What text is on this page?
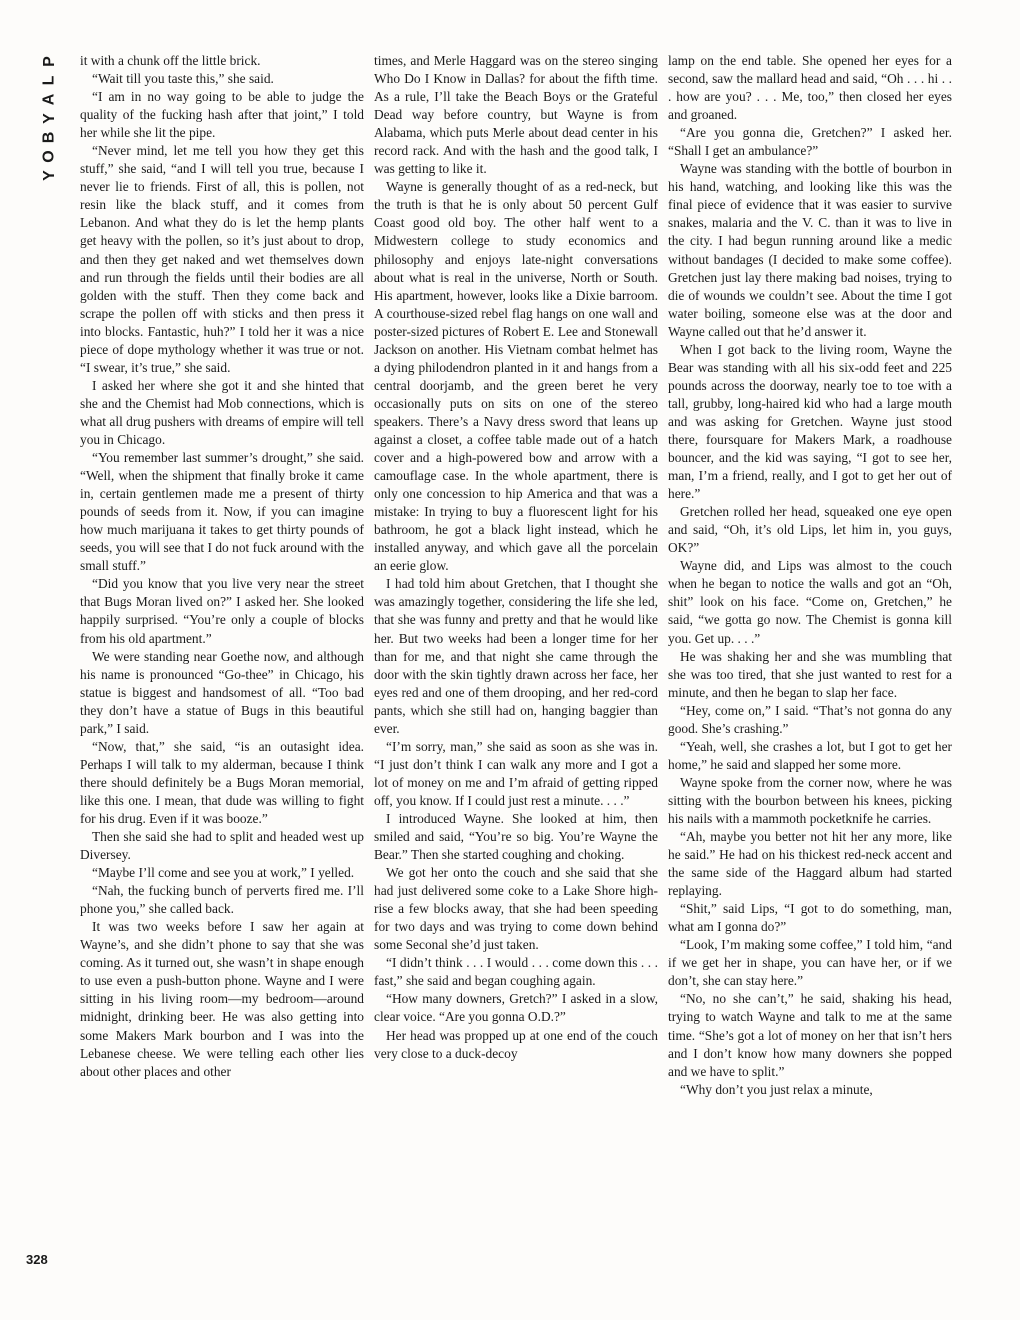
P
L
A
Y
B
O
Y
328

it with a chunk off the little brick.

“Wait till you taste this,” she said.

“I am in no way going to be able to judge the quality of the fucking hash after that joint,” I told her while she lit the pipe.

“Never mind, let me tell you how they get this stuff,” she said, “and I will tell you true, because I never lie to friends. First of all, this is pollen, not resin like the black stuff, and it comes from Lebanon. And what they do is let the hemp plants get heavy with the pollen, so it’s just about to drop, and then they get naked and wet themselves down and run through the fields until their bodies are all golden with the stuff. Then they come back and scrape the pollen off with sticks and then press it into blocks. Fantastic, huh?” I told her it was a nice piece of dope mythology whether it was true or not. “I swear, it’s true,” she said.

I asked her where she got it and she hinted that she and the Chemist had Mob connections, which is what all drug pushers with dreams of empire will tell you in Chicago.

“You remember last summer’s drought,” she said. “Well, when the shipment that finally broke it came in, certain gentlemen made me a present of thirty pounds of seeds from it. Now, if you can imagine how much marijuana it takes to get thirty pounds of seeds, you will see that I do not fuck around with the small stuff.”

“Did you know that you live very near the street that Bugs Moran lived on?” I asked her. She looked happily surprised. “You’re only a couple of blocks from his old apartment.”

We were standing near Goethe now, and although his name is pronounced “Go-thee” in Chicago, his statue is biggest and handsomest of all. “Too bad they don’t have a statue of Bugs in this beautiful park,” I said.

“Now, that,” she said, “is an outasight idea. Perhaps I will talk to my alderman, because I think there should definitely be a Bugs Moran memorial, like this one. I mean, that dude was willing to fight for his drug. Even if it was booze.”

Then she said she had to split and headed west up Diversey.

“Maybe I’ll come and see you at work,” I yelled.

“Nah, the fucking bunch of perverts fired me. I’ll phone you,” she called back.

It was two weeks before I saw her again at Wayne’s, and she didn’t phone to say that she was coming. As it turned out, she wasn’t in shape enough to use even a push-button phone. Wayne and I were sitting in his living room—my bedroom—around midnight, drinking beer. He was also getting into some Makers Mark bourbon and I was into the Lebanese cheese. We were telling each other lies about other places and other

times, and Merle Haggard was on the stereo singing Who Do I Know in Dallas? for about the fifth time. As a rule, I’ll take the Beach Boys or the Grateful Dead way before country, but Wayne is from Alabama, which puts Merle about dead center in his record rack. And with the hash and the good talk, I was getting to like it.

Wayne is generally thought of as a red-neck, but the truth is that he is only about 50 percent Gulf Coast good old boy. The other half went to a Midwestern college to study economics and philosophy and enjoys late-night conversations about what is real in the universe, North or South. His apartment, however, looks like a Dixie barroom. A courthouse-sized rebel flag hangs on one wall and poster-sized pictures of Robert E. Lee and Stonewall Jackson on another. His Vietnam combat helmet has a dying philodendron planted in it and hangs from a central doorjamb, and the green beret he very occasionally puts on sits on one of the stereo speakers. There’s a Navy dress sword that leans up against a closet, a coffee table made out of a hatch cover and a high-powered bow and arrow with a camouflage case. In the whole apartment, there is only one concession to hip America and that was a mistake: In trying to buy a fluorescent light for his bathroom, he got a black light instead, which he installed anyway, and which gave all the porcelain an eerie glow.

I had told him about Gretchen, that I thought she was amazingly together, considering the life she led, that she was funny and pretty and that he would like her. But two weeks had been a longer time for her than for me, and that night she came through the door with the skin tightly drawn across her face, her eyes red and one of them drooping, and her red-cord pants, which she still had on, hanging baggier than ever.

“I’m sorry, man,” she said as soon as she was in. “I just don’t think I can walk any more and I got a lot of money on me and I’m afraid of getting ripped off, you know. If I could just rest a minute. . . .”

I introduced Wayne. She looked at him, then smiled and said, “You’re so big. You’re Wayne the Bear.” Then she started coughing and choking.

We got her onto the couch and she said that she had just delivered some coke to a Lake Shore high-rise a few blocks away, that she had been speeding for two days and was trying to come down behind some Seconal she’d just taken.

“I didn’t think . . . I would . . . come down this . . . fast,” she said and began coughing again.

“How many downers, Gretch?” I asked in a slow, clear voice. “Are you gonna O.D.?”

Her head was propped up at one end of the couch very close to a duck-decoy

lamp on the end table. She opened her eyes for a second, saw the mallard head and said, “Oh . . . hi . . . how are you? . . . Me, too,” then closed her eyes and groaned.

“Are you gonna die, Gretchen?” I asked her. “Shall I get an ambulance?”

Wayne was standing with the bottle of bourbon in his hand, watching, and looking like this was the final piece of evidence that it was easier to survive snakes, malaria and the V. C. than it was to live in the city. I had begun running around like a medic without bandages (I decided to make some coffee). Gretchen just lay there making bad noises, trying to die of wounds we couldn’t see. About the time I got water boiling, someone else was at the door and Wayne called out that he’d answer it.

When I got back to the living room, Wayne the Bear was standing with all his six-odd feet and 225 pounds across the doorway, nearly toe to toe with a tall, grubby, long-haired kid who had a large mouth and was asking for Gretchen. Wayne just stood there, foursquare for Makers Mark, a roadhouse bouncer, and the kid was saying, “I got to see her, man, I’m a friend, really, and I got to get her out of here.”

Gretchen rolled her head, squeaked one eye open and said, “Oh, it’s old Lips, let him in, you guys, OK?”

Wayne did, and Lips was almost to the couch when he began to notice the walls and got an “Oh, shit” look on his face. “Come on, Gretchen,” he said, “we gotta go now. The Chemist is gonna kill you. Get up. . . .”

He was shaking her and she was mumbling that she was too tired, that she just wanted to rest for a minute, and then he began to slap her face.

“Hey, come on,” I said. “That’s not gonna do any good. She’s crashing.”

“Yeah, well, she crashes a lot, but I got to get her home,” he said and slapped her some more.

Wayne spoke from the corner now, where he was sitting with the bourbon between his knees, picking his nails with a mammoth pocketknife he carries.

“Ah, maybe you better not hit her any more, like he said.” He had on his thickest red-neck accent and the same side of the Haggard album had started replaying.

“Shit,” said Lips, “I got to do something, man, what am I gonna do?”

“Look, I’m making some coffee,” I told him, “and if we get her in shape, you can have her, or if we don’t, she can stay here.”

“No, no she can’t,” he said, shaking his head, trying to watch Wayne and talk to me at the same time. “She’s got a lot of money on her that isn’t hers and I don’t know how many downers she popped and we have to split.”

“Why don’t you just relax a minute,
